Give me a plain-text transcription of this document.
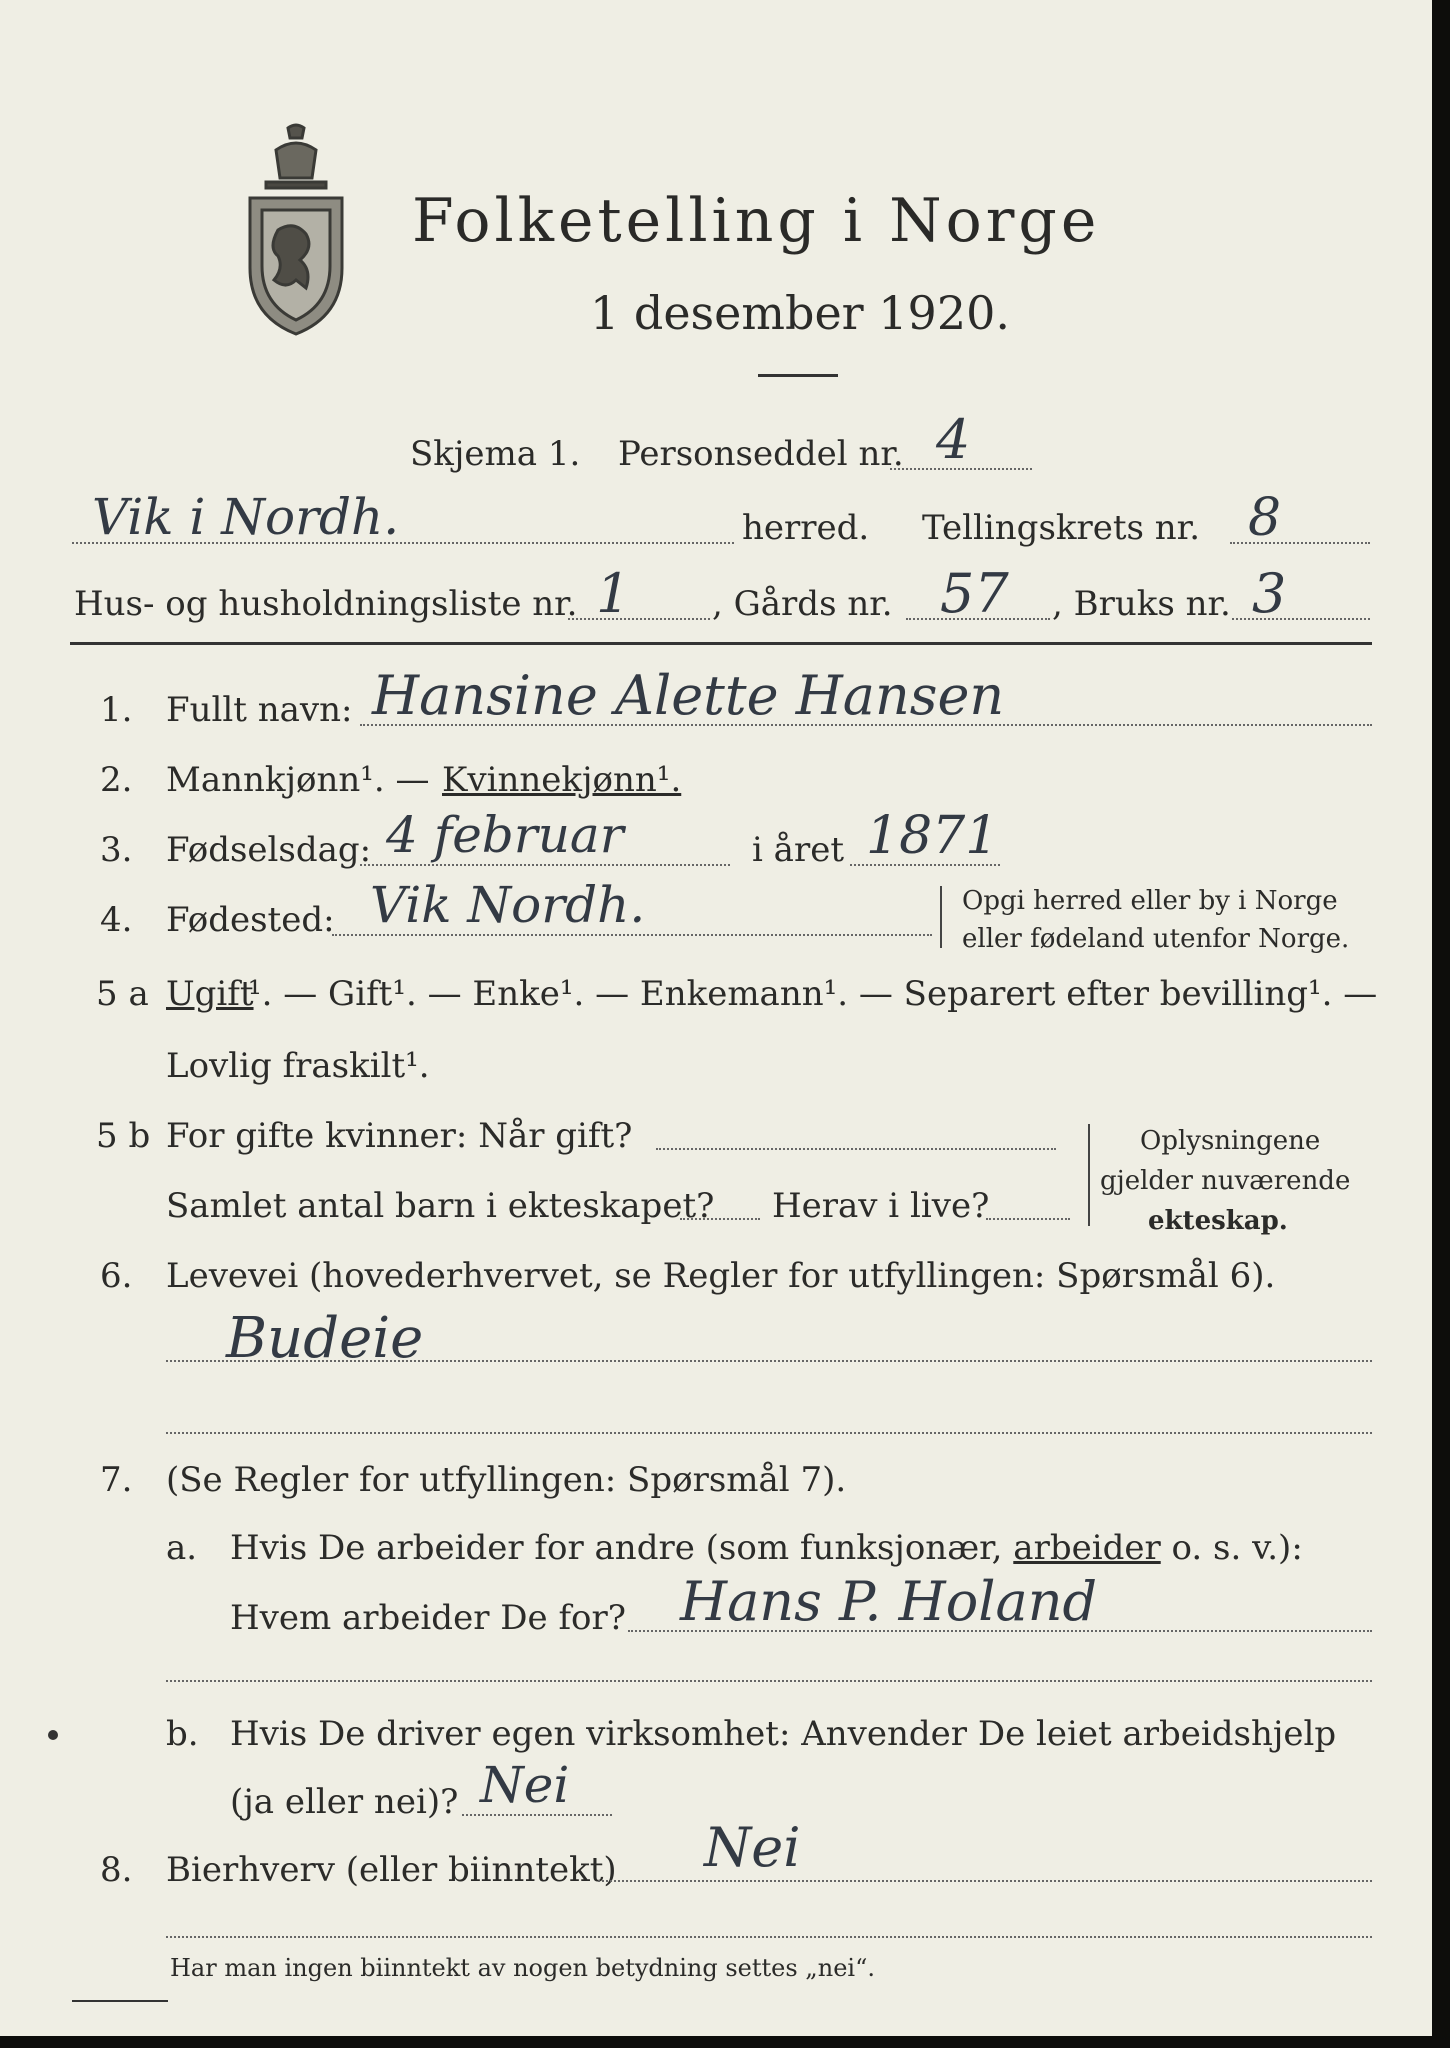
Folketelling i Norge
1 desember 1920.
Skjema 1. Personseddel nr. 4
Vik i Nordh.	herred. Tellingskrets nr. 8
Hus- og husholdningsliste nr. 1 , Gårds nr. 57 , Bruks nr. 3
1. Fullt navn: Hansine Alette Hansen
2. Mannkjønn¹. — Kvinnekjønn¹.
3. Fødselsdag: 4 februar	i året 1871
4. Fødested: Vik Nordh.	Opgi herred eller by i Norge
eller fødeland utenfor Norge.
5 a Ugift
¹. — Gift¹. — Enke¹. — Enkemann¹. — Separert efter bevilling¹. —
Lovlig fraskilt¹.
5 b For gifte kvinner: Når gift?
Samlet antal barn i ekteskapet? Herav i live?
Oplysningene
gjelder nuværende
ekteskap.
6. Levevei (hovederhvervet, se Regler for utfyllingen: Spørsmål 6).
Budeie
7. (Se Regler for utfyllingen: Spørsmål 7).
a. Hvis De arbeider for andre (som funksjonær, arbeider o. s. v.):
Hvem arbeider De for? Hans P. Holand
b. Hvis De driver egen virksomhet: Anvender De leiet arbeidshjelp
(ja eller nei)? Nei
8. Bierhverv (eller biinntekt) Nei
Har man ingen biinntekt av nogen betydning settes „nei“.
